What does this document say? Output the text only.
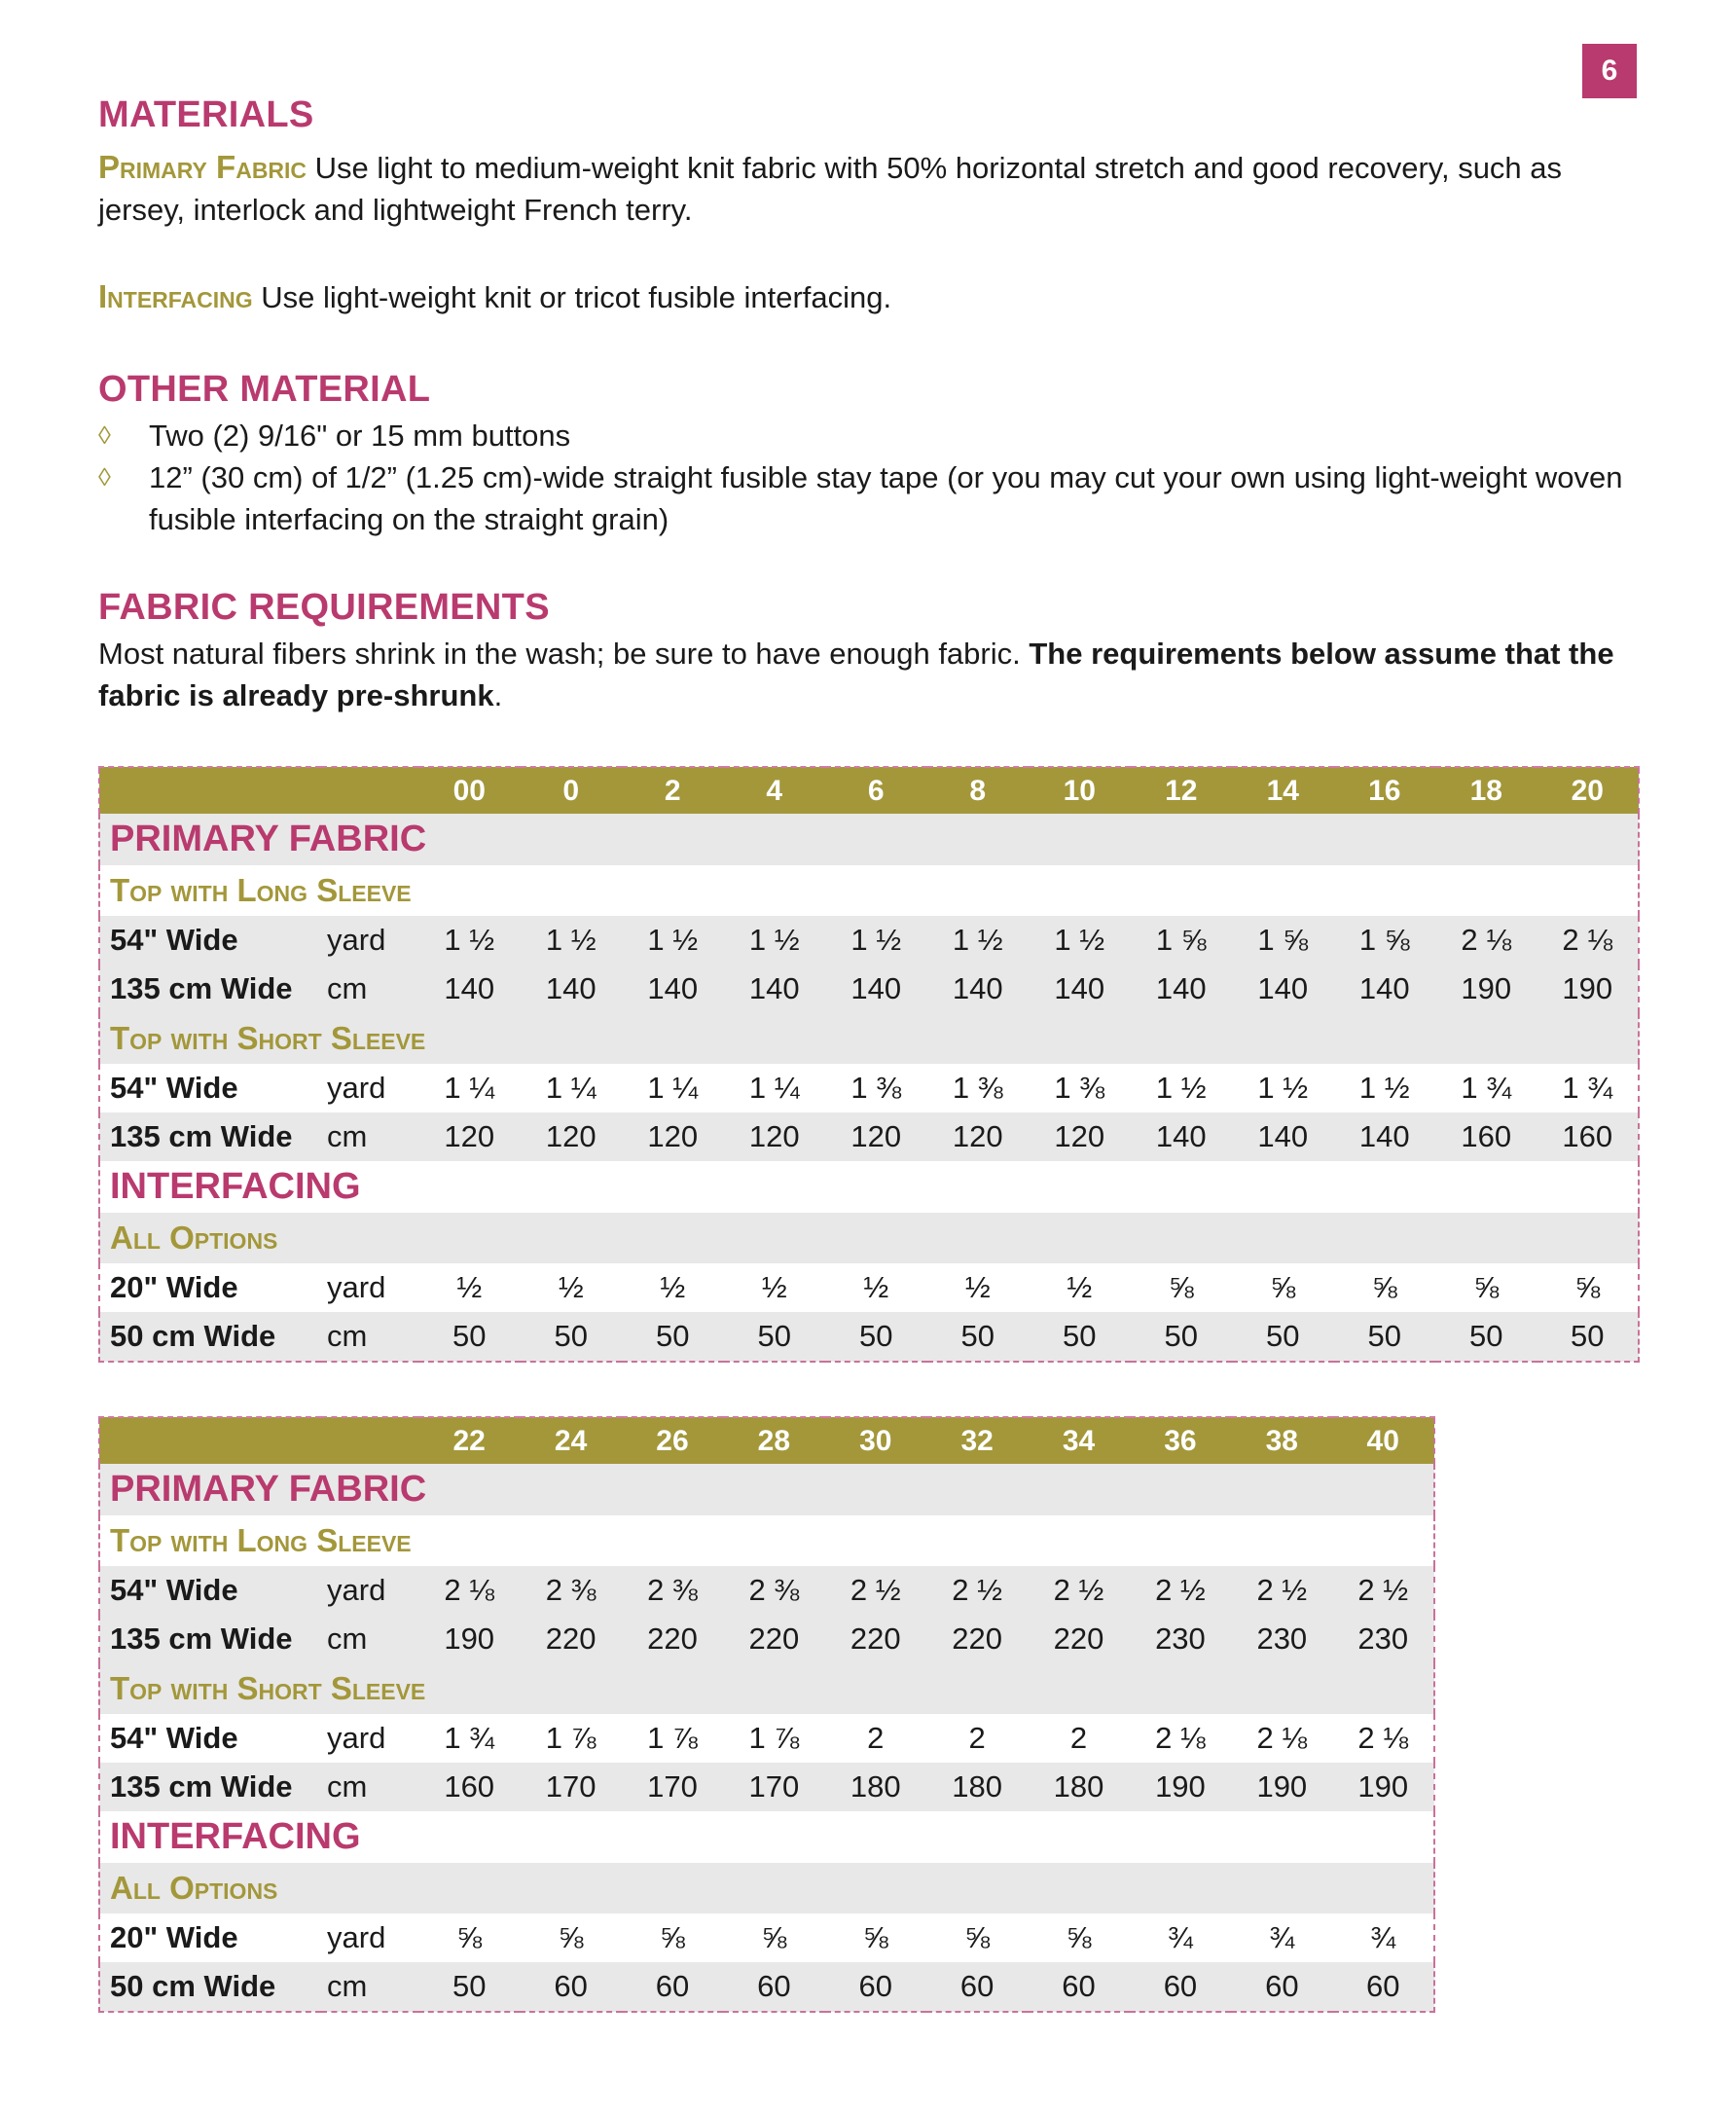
6
MATERIALS

Primary Fabric Use light to medium-weight knit fabric with 50% horizontal stretch and good recovery, such as jersey, interlock and lightweight French terry.

Interfacing Use light-weight knit or tricot fusible interfacing.

OTHER MATERIAL
◊ Two (2) 9/16" or 15 mm buttons
◊ 12” (30 cm) of 1/2” (1.25 cm)-wide straight fusible stay tape (or you may cut your own using light-weight woven fusible interfacing on the straight grain)
FABRIC REQUIREMENTS

Most natural fibers shrink in the wash; be sure to have enough fabric. The requirements below assume that the fabric is already pre-shrunk.

		00	0	2	4	6	8	10	12	14	16	18	20
PRIMARY FABRIC													
Top with Long Sleeve													
54" Wide	yard	1 ½	1 ½	1 ½	1 ½	1 ½	1 ½	1 ½	1 ⅝	1 ⅝	1 ⅝	2 ⅛	2 ⅛
135 cm Wide	cm	140	140	140	140	140	140	140	140	140	140	190	190
Top with Short Sleeve													
54" Wide	yard	1 ¼	1 ¼	1 ¼	1 ¼	1 ⅜	1 ⅜	1 ⅜	1 ½	1 ½	1 ½	1 ¾	1 ¾
135 cm Wide	cm	120	120	120	120	120	120	120	140	140	140	160	160
INTERFACING													
All Options													
20" Wide	yard	½	½	½	½	½	½	½	⅝	⅝	⅝	⅝	⅝
50 cm Wide	cm	50	50	50	50	50	50	50	50	50	50	50	50
		22	24	26	28	30	32	34	36	38	40
PRIMARY FABRIC											
Top with Long Sleeve											
54" Wide	yard	2 ⅛	2 ⅜	2 ⅜	2 ⅜	2 ½	2 ½	2 ½	2 ½	2 ½	2 ½
135 cm Wide	cm	190	220	220	220	220	220	220	230	230	230
Top with Short Sleeve											
54" Wide	yard	1 ¾	1 ⅞	1 ⅞	1 ⅞	2	2	2	2 ⅛	2 ⅛	2 ⅛
135 cm Wide	cm	160	170	170	170	180	180	180	190	190	190
INTERFACING											
All Options											
20" Wide	yard	⅝	⅝	⅝	⅝	⅝	⅝	⅝	¾	¾	¾
50 cm Wide	cm	50	60	60	60	60	60	60	60	60	60
